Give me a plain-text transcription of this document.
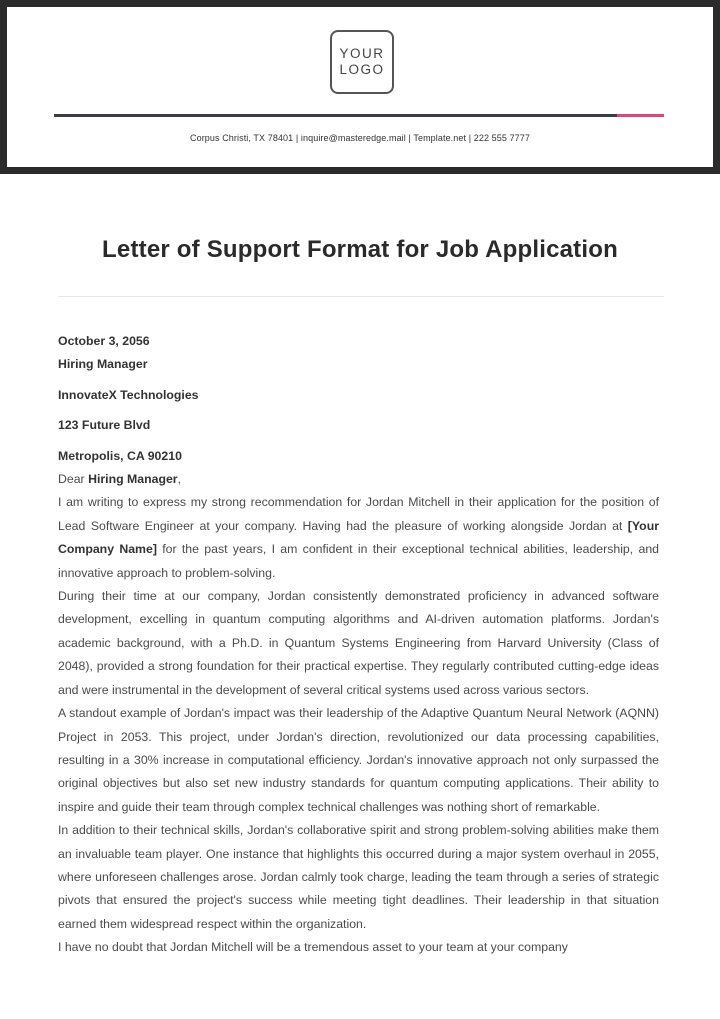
YOUR
LOGO
Corpus Christi, TX 78401 | inquire@masteredge.mail | Template.net | 222 555 7777
Letter of Support Format for Job Application
October 3, 2056
Hiring Manager
InnovateX Technologies
123 Future Blvd
Metropolis, CA 90210
Dear Hiring Manager,

I am writing to express my strong recommendation for Jordan Mitchell in their application for the position of Lead Software Engineer at your company. Having had the pleasure of working alongside Jordan at [Your Company Name] for the past years, I am confident in their exceptional technical abilities, leadership, and innovative approach to problem-solving.

During their time at our company, Jordan consistently demonstrated proficiency in advanced software development, excelling in quantum computing algorithms and AI-driven automation platforms. Jordan's academic background, with a Ph.D. in Quantum Systems Engineering from Harvard University (Class of 2048), provided a strong foundation for their practical expertise. They regularly contributed cutting-edge ideas and were instrumental in the development of several critical systems used across various sectors.

A standout example of Jordan's impact was their leadership of the Adaptive Quantum Neural Network (AQNN) Project in 2053. This project, under Jordan's direction, revolutionized our data processing capabilities, resulting in a 30% increase in computational efficiency. Jordan's innovative approach not only surpassed the original objectives but also set new industry standards for quantum computing applications. Their ability to inspire and guide their team through complex technical challenges was nothing short of remarkable.

In addition to their technical skills, Jordan's collaborative spirit and strong problem-solving abilities make them an invaluable team player. One instance that highlights this occurred during a major system overhaul in 2055, where unforeseen challenges arose. Jordan calmly took charge, leading the team through a series of strategic pivots that ensured the project's success while meeting tight deadlines. Their leadership in that situation earned them widespread respect within the organization.

I have no doubt that Jordan Mitchell will be a tremendous asset to your team at your company
